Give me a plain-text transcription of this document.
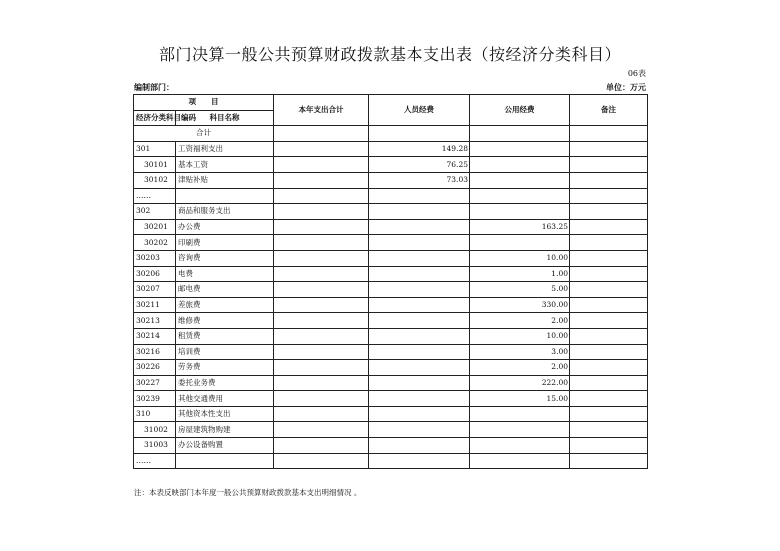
部门决算一般公共预算财政拨款基本支出表（按经济分类科目）
06表
编制部门：	单位：万元
项　　目		本年支出合计	人员经费	公用经费	备注
经济分类科目编码	科目名称				
合计					
301	工资福利支出		149.28		
30101	基本工资		76.25		
30102	津贴补贴		73.03		
……					
302	商品和服务支出				
30201	办公费			163.25	
30202	印刷费				
30203	咨询费			10.00	
30206	电费			1.00	
30207	邮电费			5.00	
30211	差旅费			330.00	
30213	维修费			2.00	
30214	租赁费			10.00	
30216	培训费			3.00	
30226	劳务费			2.00	
30227	委托业务费			222.00	
30239	其他交通费用			15.00	
310	其他资本性支出				
31002	房屋建筑物购建				
31003	办公设备购置				
……					
注：本表反映部门本年度一般公共预算财政拨款基本支出明细情况 。
